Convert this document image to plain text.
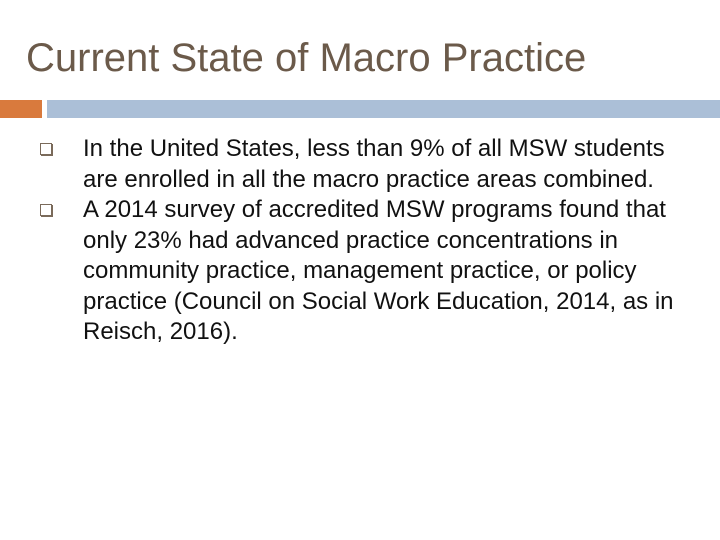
Current State of Macro Practice
In the United States, less than 9% of all MSW students are enrolled in all the macro practice areas combined.
A 2014 survey of accredited MSW programs found that only 23% had advanced practice concentrations in community practice, management practice, or policy practice (Council on Social Work Education, 2014, as in Reisch, 2016).
